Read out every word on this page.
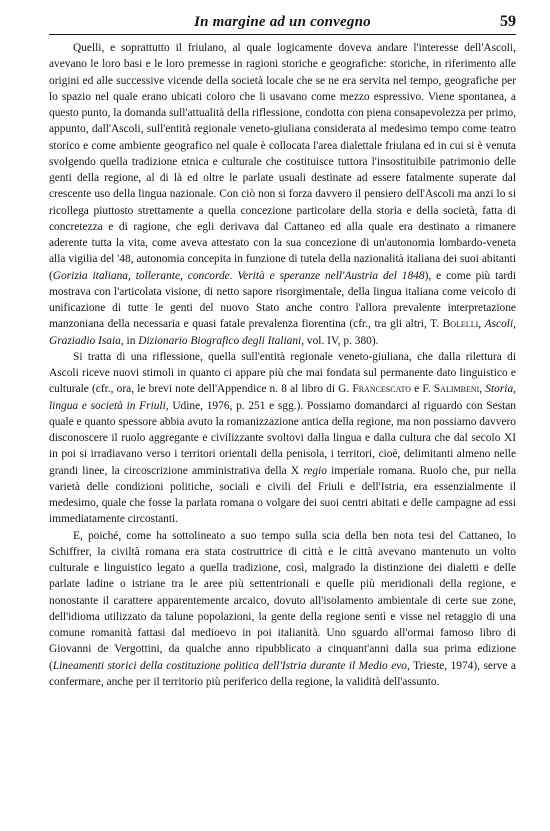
In margine ad un convegno	59

Quelli, e soprattutto il friulano, al quale logicamente doveva andare l'interesse dell'Ascoli, avevano le loro basi e le loro premesse in ragioni storiche e geografiche: storiche, in riferimento alle origini ed alle successive vicende della società locale che se ne era servita nel tempo, geografiche per lo spazio nel quale erano ubicati coloro che li usavano come mezzo espressivo. Viene spontanea, a questo punto, la domanda sull'attualità della riflessione, condotta con piena consapevolezza per primo, appunto, dall'Ascoli, sull'entità regionale veneto-giuliana considerata al medesimo tempo come teatro storico e come ambiente geografico nel quale è collocata l'area dialettale friulana ed in cui si è venuta svolgendo quella tradizione etnica e culturale che costituisce tuttora l'insostituibile patrimonio delle genti della regione, al di là ed oltre le parlate usuali destinate ad essere fatalmente superate dal crescente uso della lingua nazionale. Con ciò non si forza davvero il pensiero dell'Ascoli ma anzi lo si ricollega piuttosto strettamente a quella concezione particolare della storia e della società, fatta di concretezza e di ragione, che egli derivava dal Cattaneo ed alla quale era destinato a rimanere aderente tutta la vita, come aveva attestato con la sua concezione di un'autonomia lombardo-veneta alla vigilia del '48, autonomia concepita in funzione di tutela della nazionalità italiana dei suoi abitanti (Gorizia italiana, tollerante, concorde. Verità e speranze nell'Austria del 1848), e come più tardi mostrava con l'articolata visione, di netto sapore risorgimentale, della lingua italiana come veicolo di unificazione di tutte le genti del nuovo Stato anche contro l'allora prevalente interpretazione manzoniana della necessaria e quasi fatale prevalenza fiorentina (cfr., tra gli altri, T. Bolelli, Ascoli, Graziadio Isaia, in Dizionario Biografico degli Italiani, vol. IV, p. 380).

Si tratta di una riflessione, quella sull'entità regionale veneto-giuliana, che dalla rilettura di Ascoli riceve nuovi stimoli in quanto ci appare più che mai fondata sul permanente dato linguistico e culturale (cfr., ora, le brevi note dell'Appendice n. 8 al libro di G. Francescato e F. Salimbeni, Storia, lingua e società in Friuli, Udine, 1976, p. 251 e sgg.). Possiamo domandarci al riguardo con Sestan quale e quanto spessore abbia avuto la romanizzazione antica della regione, ma non possiamo davvero disconoscere il ruolo aggregante e civilizzante svoltovi dalla lingua e dalla cultura che dal secolo XI in poi si irradiavano verso i territori orientali della penisola, i territori, cioè, delimitanti almeno nelle grandi linee, la circoscrizione amministrativa della X regio imperiale romana. Ruolo che, pur nella varietà delle condizioni politiche, sociali e civili del Friuli e dell'Istria, era essenzialmente il medesimo, quale che fosse la parlata romana o volgare dei suoi centri abitati e delle campagne ad essi immediatamente circostanti.

E, poiché, come ha sottolineato a suo tempo sulla scia della ben nota tesi del Cattaneo, lo Schiffrer, la civiltà romana era stata costruttrice di città e le città avevano mantenuto un volto culturale e linguistico legato a quella tradizione, così, malgrado la distinzione dei dialetti e delle parlate ladine o istriane tra le aree più settentrionali e quelle più meridionali della regione, e nonostante il carattere apparentemente arcaico, dovuto all'isolamento ambientale di certe sue zone, dell'idioma utilizzato da talune popolazioni, la gente della regione sentì e visse nel retaggio di una comune romanità fattasi dal medioevo in poi italianità. Uno sguardo all'ormai famoso libro di Giovanni de Vergottini, da qualche anno ripubblicato a cinquant'anni dalla sua prima edizione (Lineamenti storici della costituzione politica dell'Istria durante il Medio evo, Trieste, 1974), serve a confermare, anche per il territorio più periferico della regione, la validità dell'assunto.
